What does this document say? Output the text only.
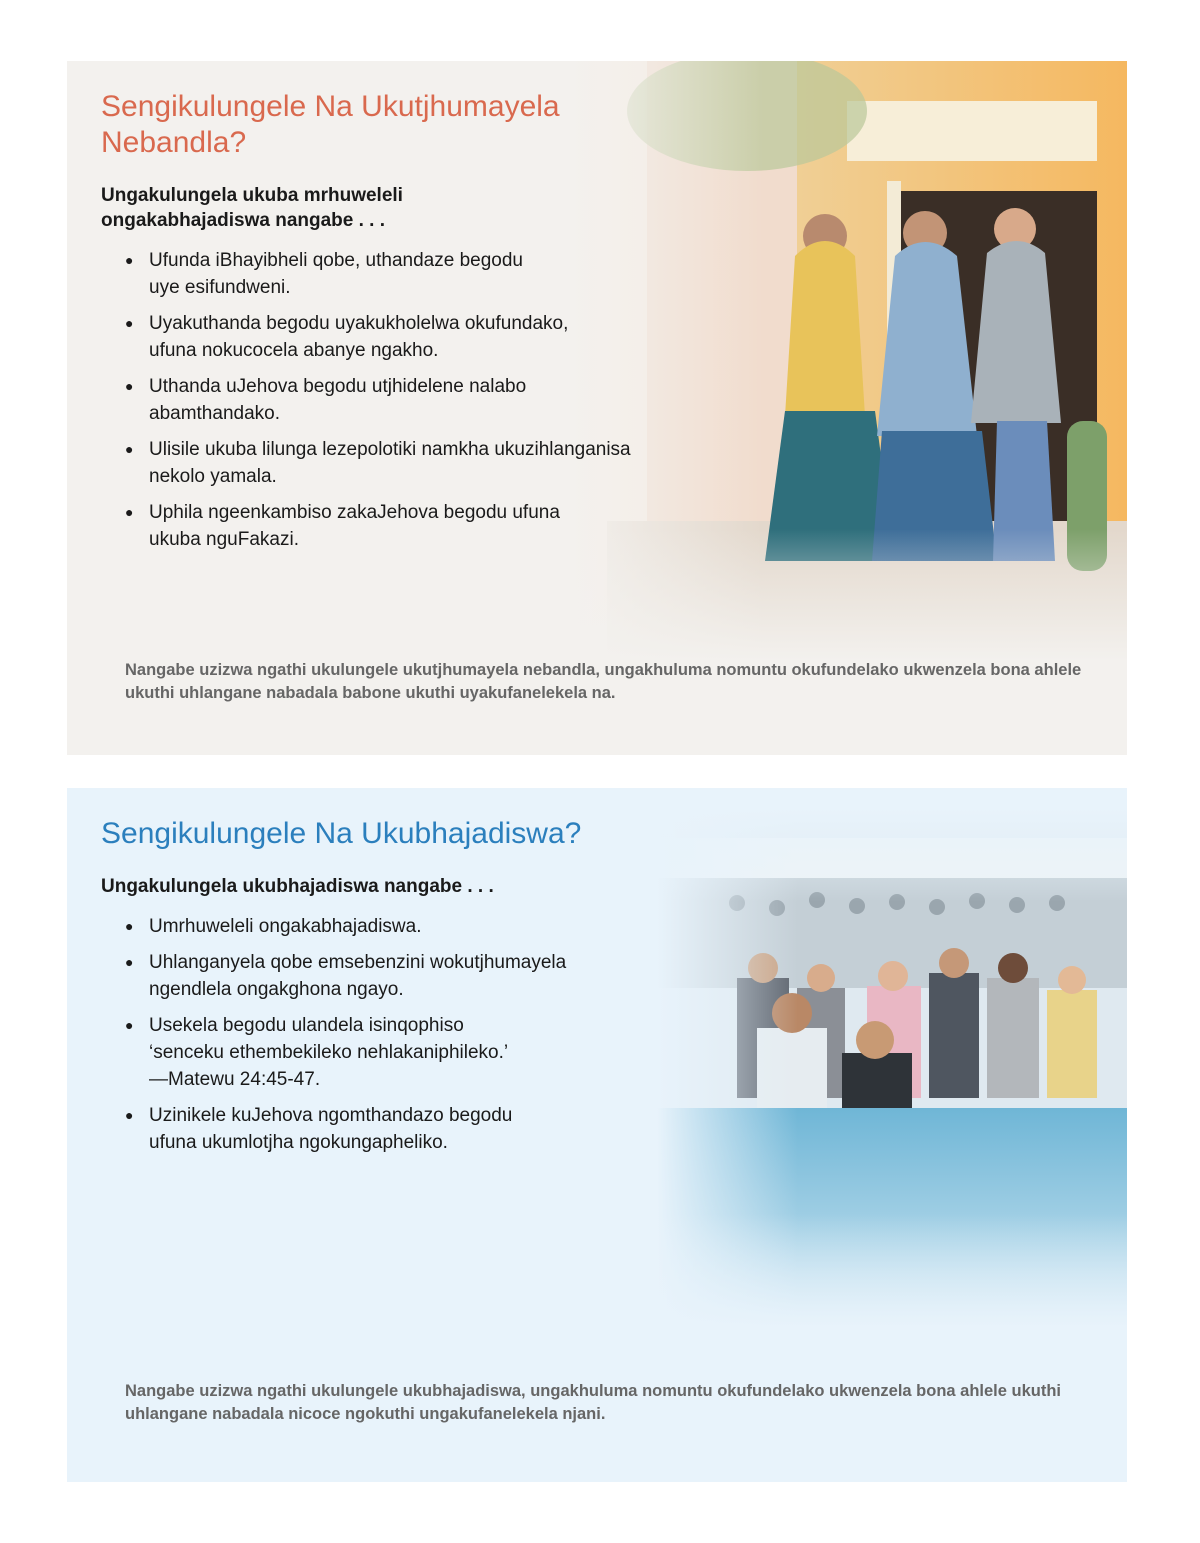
Sengikulungele Na Ukutjhumayela Nebandla?

Ungakulungela ukuba mrhuweleli ongakabhajadiswa nangabe . . .

● Ufunda iBhayibheli qobe, uthandaze begodu
uye esifundweni.
● Uyakuthanda begodu uyakukholelwa okufundako,
ufuna nokucocela abanye ngakho.
● Uthanda uJehova begodu utjhidelene nalabo
abamthandako.
● Ulisile ukuba lilunga lezepolotiki namkha ukuzihlanganisa
nekolo yamala.
● Uphila ngeenkambiso zakaJehova begodu ufuna
ukuba nguFakazi.
Nangabe uzizwa ngathi ukulungele ukutjhumayela nebandla, ungakhuluma nomuntu okufundelako ukwenzela bona ahlele ukuthi uhlangane nabadala babone ukuthi uyakufanelekela na.
Sengikulungele Na Ukubhajadiswa?

Ungakulungela ukubhajadiswa nangabe . . .

● Umrhuweleli ongakabhajadiswa.
● Uhlanganyela qobe emsebenzini wokutjhumayela
ngendlela ongakghona ngayo.
● Usekela begodu ulandela isinqophiso
‘senceku ethembekileko nehlakaniphileko.’
—Matewu 24:45-47.
● Uzinikele kuJehova ngomthandazo begodu
ufuna ukumlotjha ngokungapheliko.
Nangabe uzizwa ngathi ukulungele ukubhajadiswa, ungakhuluma nomuntu okufundelako ukwenzela bona ahlele ukuthi uhlangane nabadala nicoce ngokuthi ungakufanelekela njani.
